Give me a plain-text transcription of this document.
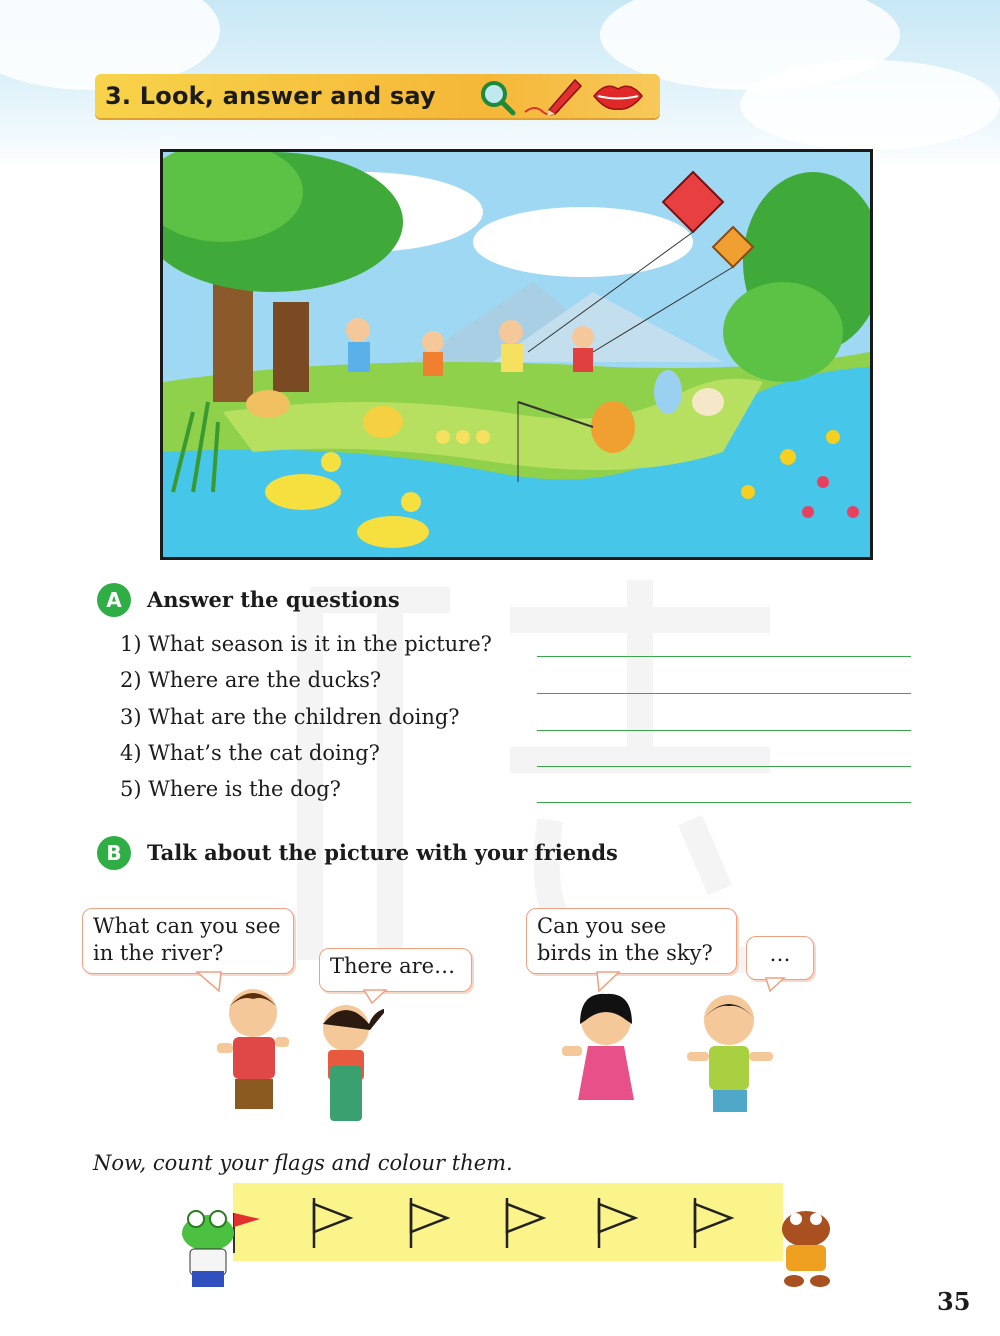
3. Look, answer and say
A	Answer the questions
1) What season is it in the picture?
2) Where are the ducks?
3) What are the children doing?
4) What’s the cat doing?
5) Where is the dog?
B	Talk about the picture with your friends
What can you see in the river?
There are…
Can you see birds in the sky?	…
Now, count your flags and colour them.
35
